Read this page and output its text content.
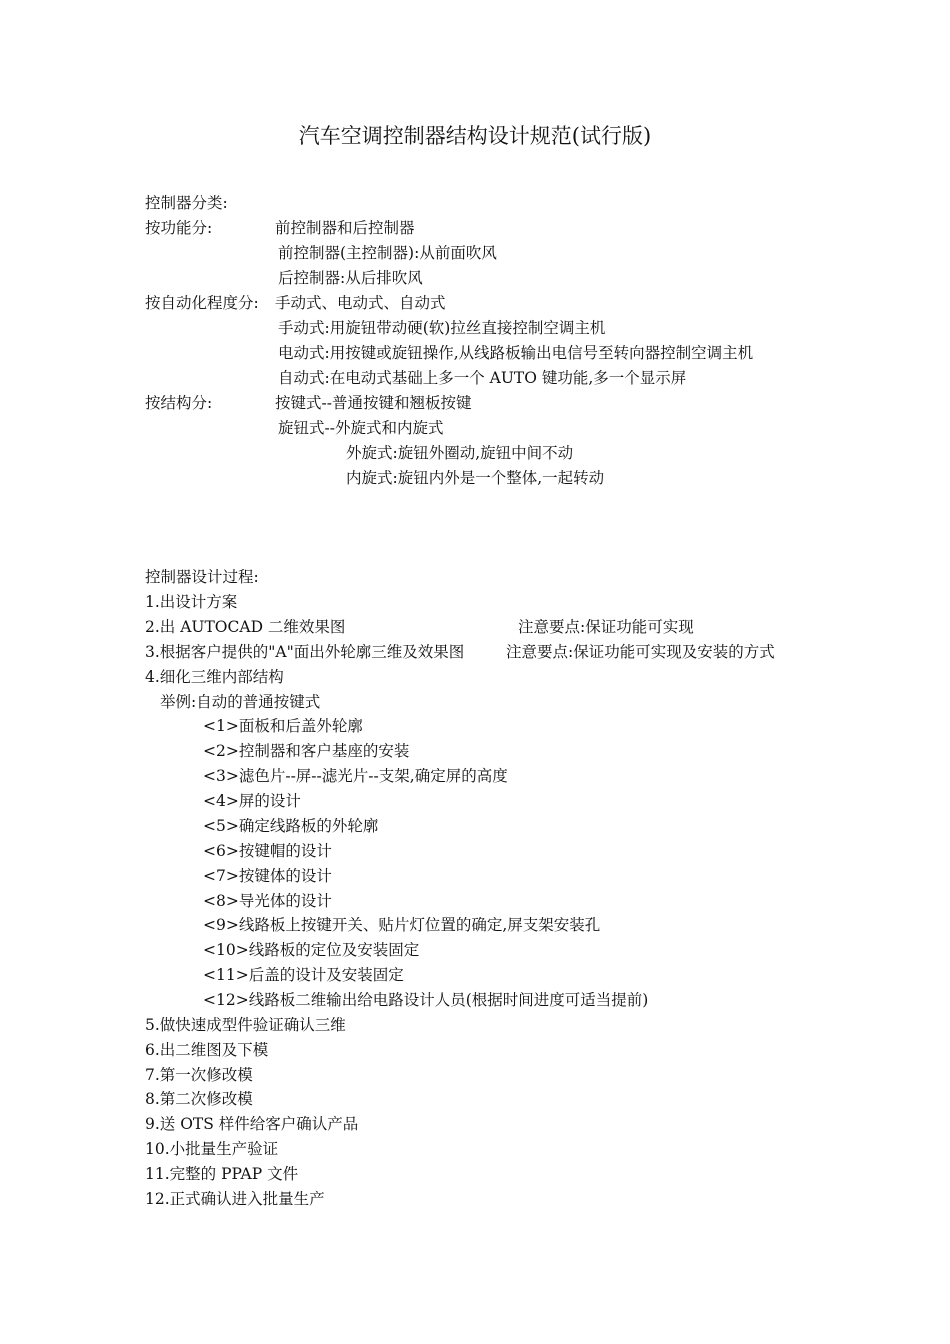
汽车空调控制器结构设计规范(试行版)
控制器分类:
按功能分:	前控制器和后控制器
前控制器(主控制器):从前面吹风
后控制器:从后排吹风
按自动化程度分: 手动式、电动式、自动式
手动式:用旋钮带动硬(软)拉丝直接控制空调主机
电动式:用按键或旋钮操作,从线路板输出电信号至转向器控制空调主机
自动式:在电动式基础上多一个 AUTO 键功能,多一个显示屏
按结构分:	按键式--普通按键和翘板按键
旋钮式--外旋式和内旋式
外旋式:旋钮外圈动,旋钮中间不动
内旋式:旋钮内外是一个整体,一起转动
控制器设计过程:
1.出设计方案
2.出 AUTOCAD 二维效果图	注意要点:保证功能可实现
3.根据客户提供的"A"面出外轮廓三维及效果图	注意要点:保证功能可实现及安装的方式
4.细化三维内部结构
举例:自动的普通按键式
<1>面板和后盖外轮廓
<2>控制器和客户基座的安装
<3>滤色片--屏--滤光片--支架,确定屏的高度
<4>屏的设计
<5>确定线路板的外轮廓
<6>按键帽的设计
<7>按键体的设计
<8>导光体的设计
<9>线路板上按键开关、贴片灯位置的确定,屏支架安装孔
<10>线路板的定位及安装固定
<11>后盖的设计及安装固定
<12>线路板二维输出给电路设计人员(根据时间进度可适当提前)
5.做快速成型件验证确认三维
6.出二维图及下模
7.第一次修改模
8.第二次修改模
9.送 OTS 样件给客户确认产品
10.小批量生产验证
11.完整的 PPAP 文件
12.正式确认进入批量生产
